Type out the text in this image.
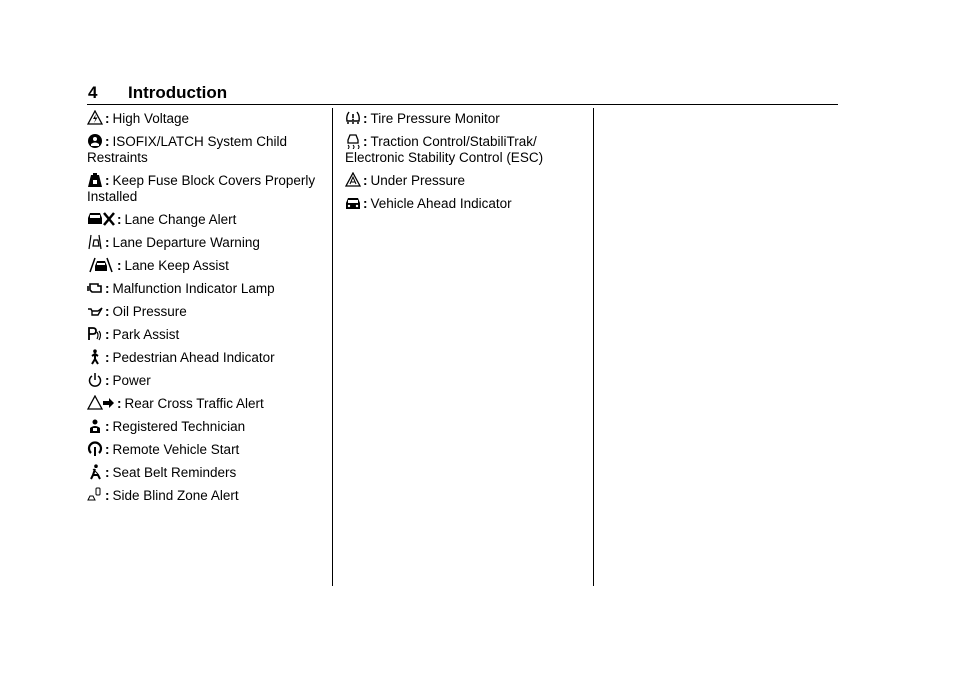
4 Introduction
: High Voltage
: ISOFIX/LATCH System Child Restraints
: Keep Fuse Block Covers Properly Installed
: Lane Change Alert
: Lane Departure Warning
: Lane Keep Assist
: Malfunction Indicator Lamp
: Oil Pressure
: Park Assist
: Pedestrian Ahead Indicator
: Power
: Rear Cross Traffic Alert
: Registered Technician
: Remote Vehicle Start
: Seat Belt Reminders
: Side Blind Zone Alert
: Tire Pressure Monitor
: Traction Control/StabiliTrak/ Electronic Stability Control (ESC)
: Under Pressure
: Vehicle Ahead Indicator
